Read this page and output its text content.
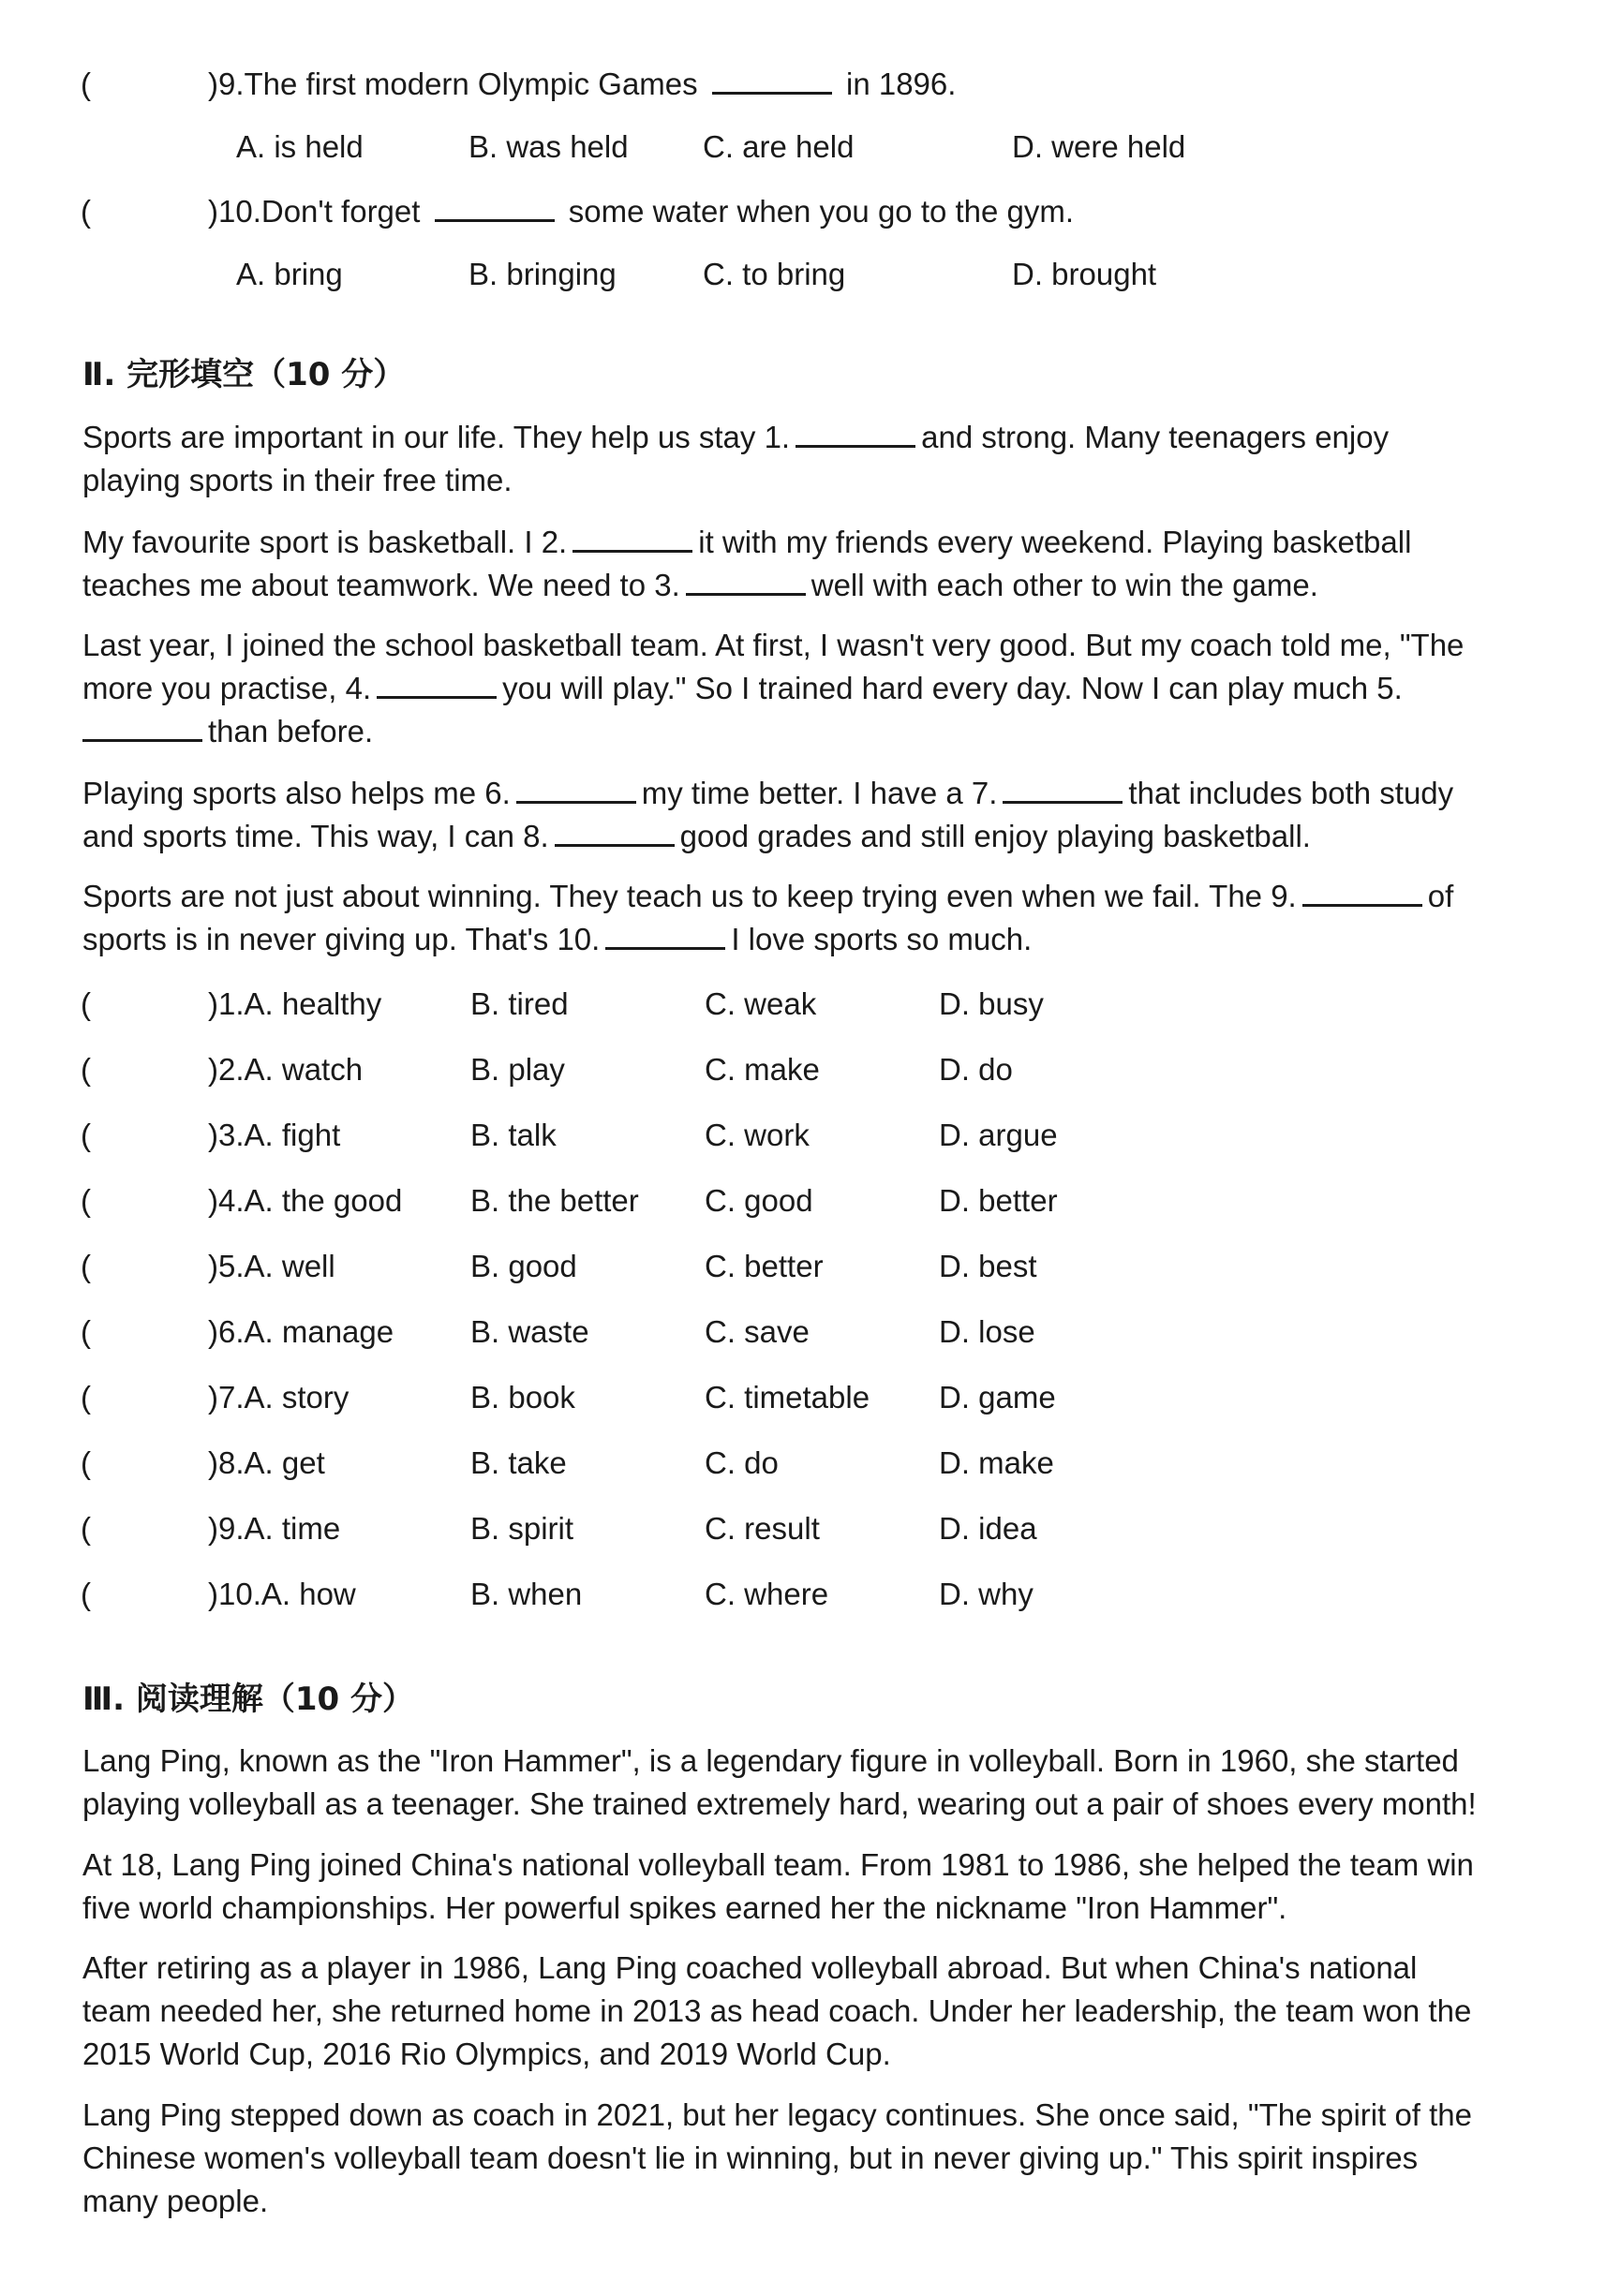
(	)9.The first modern Olympic Games	in 1896.
A. is held	B. was held C. are held	D. were held
(	)10.Don't forget	some water when you go to the gym.
A. bring	B. bringing	C. to bring	D. brought
Ⅱ. 完形填空（10 分）

Sports are important in our life. They help us stay 1.	and strong. Many teenagers enjoy

playing sports in their free time.

My favourite sport is basketball. I 2.	it with my friends every weekend. Playing basketball

teaches me about teamwork. We need to 3.	well with each other to win the game.

Last year, I joined the school basketball team. At first, I wasn't very good. But my coach told me, "The

more you practise, 4.	you will play." So I trained hard every day. Now I can play much 5.

than before.

Playing sports also helps me 6.	my time better. I have a 7.	that includes both study

and sports time. This way, I can 8.	good grades and still enjoy playing basketball.

Sports are not just about winning. They teach us to keep trying even when we fail. The 9.	of

sports is in never giving up. That's 10.	I love sports so much.

(	)1.A. healthy	B. tired	C. weak	D. busy
(	)2.A. watch	B. play	C. make	D. do
(	)3.A. fight	B. talk	C. work	D. argue
(	)4.A. the good B. the better C. good	D. better
(	)5.A. well	B. good	C. better	D. best
(	)6.A. manage B. waste	C. save	D. lose
(	)7.A. story	B. book	C. timetable D. game
(	)8.A. get	B. take	C. do	D. make
(	)9.A. time	B. spirit	C. result	D. idea
(	)10.A. how	B. when	C. where	D. why
Ⅲ. 阅读理解（10 分）

Lang Ping, known as the "Iron Hammer", is a legendary figure in volleyball. Born in 1960, she started

playing volleyball as a teenager. She trained extremely hard, wearing out a pair of shoes every month!

At 18, Lang Ping joined China's national volleyball team. From 1981 to 1986, she helped the team win

five world championships. Her powerful spikes earned her the nickname "Iron Hammer".

After retiring as a player in 1986, Lang Ping coached volleyball abroad. But when China's national

team needed her, she returned home in 2013 as head coach. Under her leadership, the team won the

2015 World Cup, 2016 Rio Olympics, and 2019 World Cup.

Lang Ping stepped down as coach in 2021, but her legacy continues. She once said, "The spirit of the

Chinese women's volleyball team doesn't lie in winning, but in never giving up." This spirit inspires

many people.
